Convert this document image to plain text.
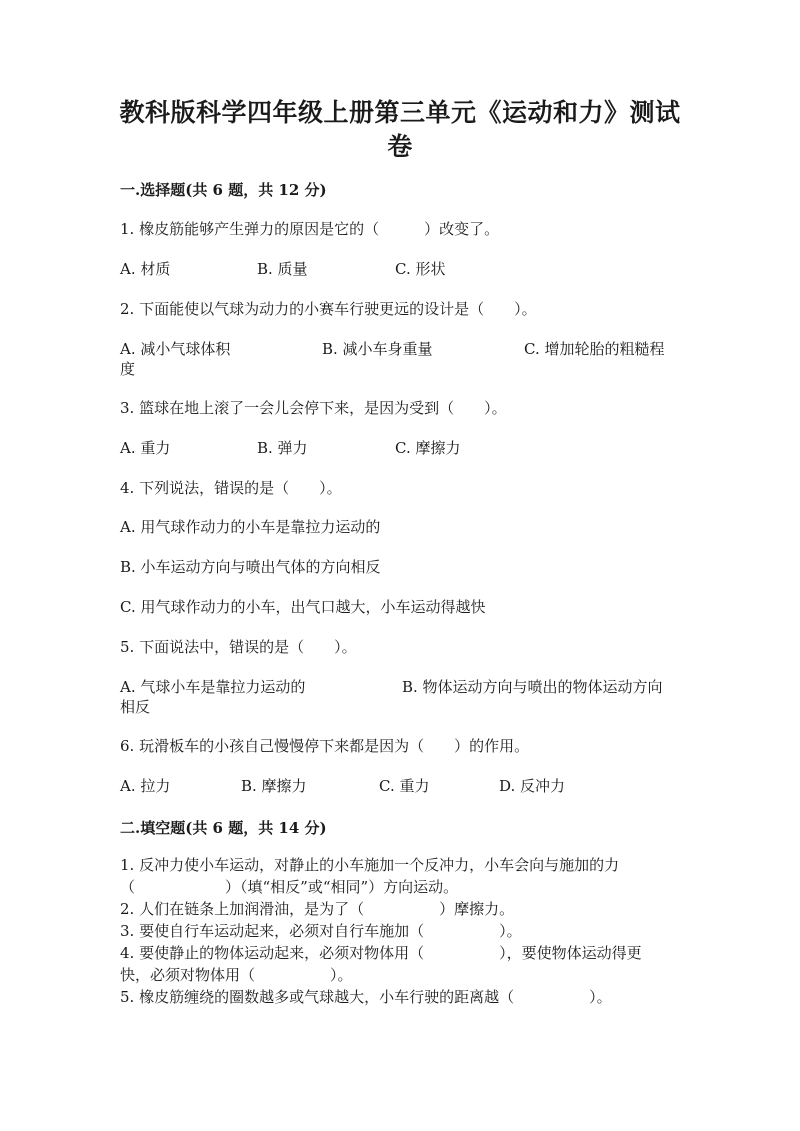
教科版科学四年级上册第三单元《运动和力》测试
卷
一.选择题(共 6 题，共 12 分)
1. 橡皮筋能够产生弹力的原因是它的（　　　）改变了。
A. 材质	B. 质量	C. 形状
2. 下面能使以气球为动力的小赛车行驶更远的设计是（　　）。
A. 减小气球体积	B. 减小车身重量	C. 增加轮胎的粗糙程
度
3. 篮球在地上滚了一会儿会停下来，是因为受到（　　）。
A. 重力	B. 弹力	C. 摩擦力
4. 下列说法，错误的是（　　）。
A. 用气球作动力的小车是靠拉力运动的
B. 小车运动方向与喷出气体的方向相反
C. 用气球作动力的小车，出气口越大，小车运动得越快
5. 下面说法中，错误的是（　　）。
A. 气球小车是靠拉力运动的	B. 物体运动方向与喷出的物体运动方向
相反
6. 玩滑板车的小孩自己慢慢停下来都是因为（　　）的作用。
A. 拉力	B. 摩擦力	C. 重力	D. 反冲力
二.填空题(共 6 题，共 14 分)
1. 反冲力使小车运动，对静止的小车施加一个反冲力，小车会向与施加的力
（　　　　　　）（填“相反”或“相同”）方向运动。
2. 人们在链条上加润滑油，是为了（　　　　　）摩擦力。
3. 要使自行车运动起来，必须对自行车施加（　　　　　）。
4. 要使静止的物体运动起来，必须对物体用（　　　　　），要使物体运动得更
快，必须对物体用（　　　　　）。
5. 橡皮筋缠绕的圈数越多或气球越大，小车行驶的距离越（　　　　　）。
